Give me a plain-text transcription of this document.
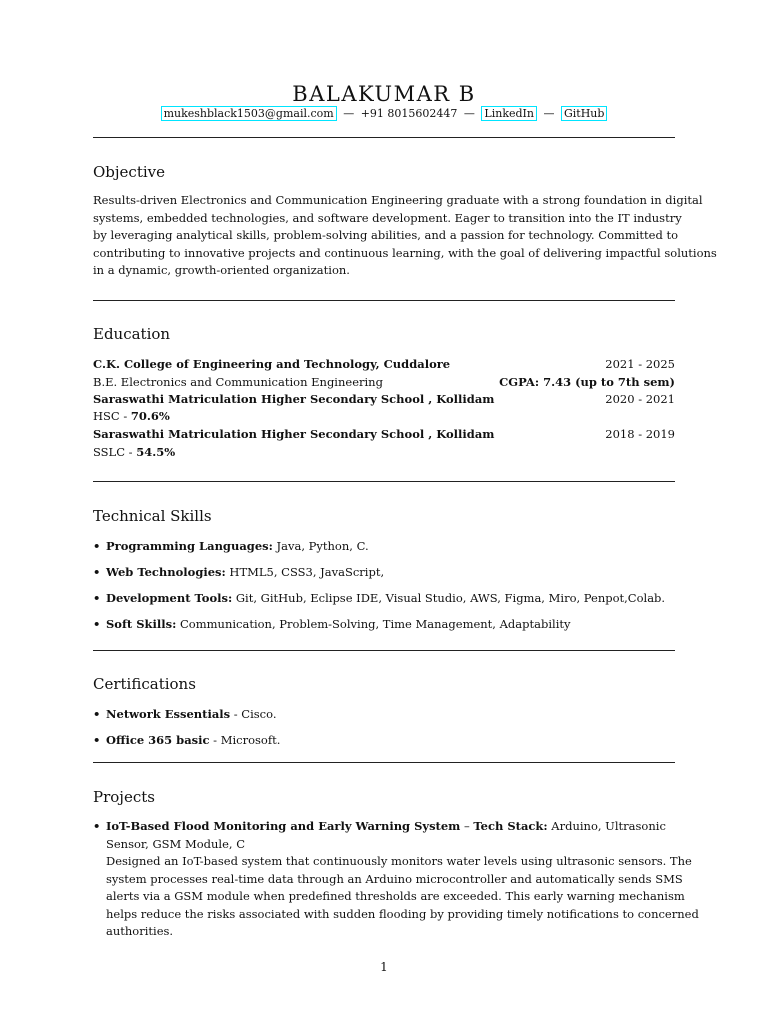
BALAKUMAR B
mukeshblack1503@gmail.com — +91 8015602447 — LinkedIn — GitHub
Objective
Results-driven Electronics and Communication Engineering graduate with a strong foundation in digital
systems, embedded technologies, and software development. Eager to transition into the IT industry
by leveraging analytical skills, problem-solving abilities, and a passion for technology. Committed to
contributing to innovative projects and continuous learning, with the goal of delivering impactful solutions
in a dynamic, growth-oriented organization.
Education
C.K. College of Engineering and Technology, Cuddalore	2021 - 2025
B.E. Electronics and Communication Engineering	CGPA: 7.43 (up to 7th sem)
Saraswathi Matriculation Higher Secondary School , Kollidam	2020 - 2021
HSC - 70.6%
Saraswathi Matriculation Higher Secondary School , Kollidam	2018 - 2019
SSLC - 54.5%
Technical Skills
• Programming Languages: Java, Python, C.
• Web Technologies: HTML5, CSS3, JavaScript,
• Development Tools: Git, GitHub, Eclipse IDE, Visual Studio, AWS, Figma, Miro, Penpot,Colab.
• Soft Skills: Communication, Problem-Solving, Time Management, Adaptability
Certifications
• Network Essentials - Cisco.
• Office 365 basic - Microsoft.
Projects
• IoT-Based Flood Monitoring and Early Warning System – Tech Stack: Arduino, Ultrasonic
Sensor, GSM Module, C
Designed an IoT-based system that continuously monitors water levels using ultrasonic sensors. The
system processes real-time data through an Arduino microcontroller and automatically sends SMS
alerts via a GSM module when predefined thresholds are exceeded. This early warning mechanism
helps reduce the risks associated with sudden flooding by providing timely notifications to concerned
authorities.
1
